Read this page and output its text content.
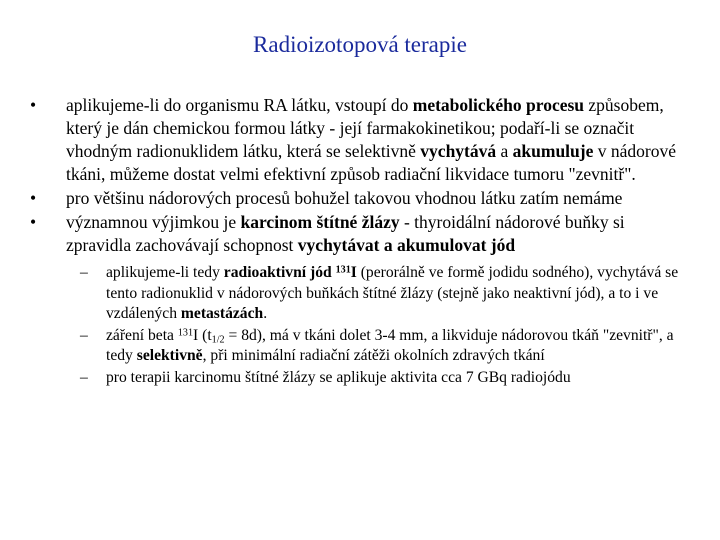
Radioizotopová terapie
•	aplikujeme-li do organismu RA látku, vstoupí do metabolického procesu způsobem, který je dán chemickou formou látky - její farmakokinetikou; podaří-li se označit vhodným radionuklidem látku, která se selektivně vychytává a akumuluje v nádorové tkáni, můžeme dostat velmi efektivní způsob radiační likvidace tumoru "zevnitř".
•	pro většinu nádorových procesů bohužel takovou vhodnou látku zatím nemáme
•	významnou výjimkou je karcinom štítné žlázy - thyroidální nádorové buňky si zpravidla zachovávají schopnost vychytávat a akumulovat jód
– aplikujeme-li tedy radioaktivní jód $^{131}$I (perorálně ve formě jodidu sodného), vychytává se tento radionuklid v nádorových buňkách štítné žlázy (stejně jako neaktivní jód), a to i ve vzdálených metastázách.
– záření beta $^{131}$I $(t_{1/2} = 8d)$, má v tkáni dolet 3-4 mm, a likviduje nádorovou tkáň "zevnitř", a tedy selektivně, při minimální radiační zátěži okolních zdravých tkání
– pro terapii karcinomu štítné žlázy se aplikuje aktivita cca 7 GBq radiojódu
